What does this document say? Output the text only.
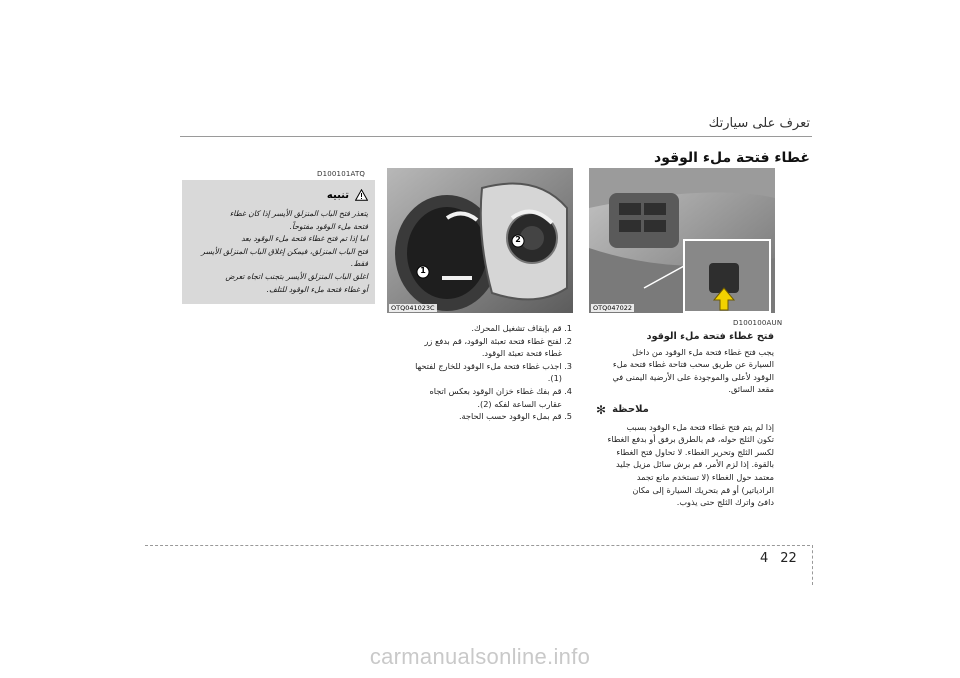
تعرف على سيارتك
غطاء فتحة ملء الوقود
D100101ATQ
D100100AUN
تنبيه
يتعذر فتح الباب المنزلق الأيسر إذا كان غطاء
فتحة ملء الوقود مفتوحاً.
اما إذا تم فتح غطاء فتحة ملء الوقود بعد
فتح الباب المنزلق، فيمكن إغلاق الباب المنزلق الأيسر
فقط.
اغلق الباب المنزلق الأيسر بتجنب اتجاه تعرض
أو غطاء فتحة ملء الوقود للتلف.
1
2
OTQ041023C	OTQ047022
1. قم بإيقاف تشغيل المحرك.
2. لفتح غطاء فتحة تعبئة الوقود، قم بدفع زر
غطاء فتحة تعبئة الوقود.
3. اجذب غطاء فتحة ملء الوقود للخارج لفتحها
(1).
4. قم بفك غطاء خزان الوقود بعكس اتجاه
عقارب الساعة لفكه (2).
5. قم بملء الوقود حسب الحاجة.
فتح غطاء فتحة ملء الوقود
يجب فتح غطاء فتحة ملء الوقود من داخل
السيارة عن طريق سحب فتاحة غطاء فتحة ملء
الوقود لأعلى والموجودة على الأرضية اليمنى في
مقعد السائق.
✻ ملاحظة
إذا لم يتم فتح غطاء فتحة ملء الوقود بسبب
تكون الثلج حوله، قم بالطرق برفق أو بدفع الغطاء
لكسر الثلج وتحرير الغطاء. لا تحاول فتح الغطاء
بالقوة. إذا لزم الأمر، قم برش سائل مزيل جليد
معتمد حول الغطاء (لا تستخدم مانع تجمد
الرادياتير) أو قم بتحريك السيارة إلى مكان
دافئ واترك الثلج حتى يذوب.
4 22
carmanualsonline.info
